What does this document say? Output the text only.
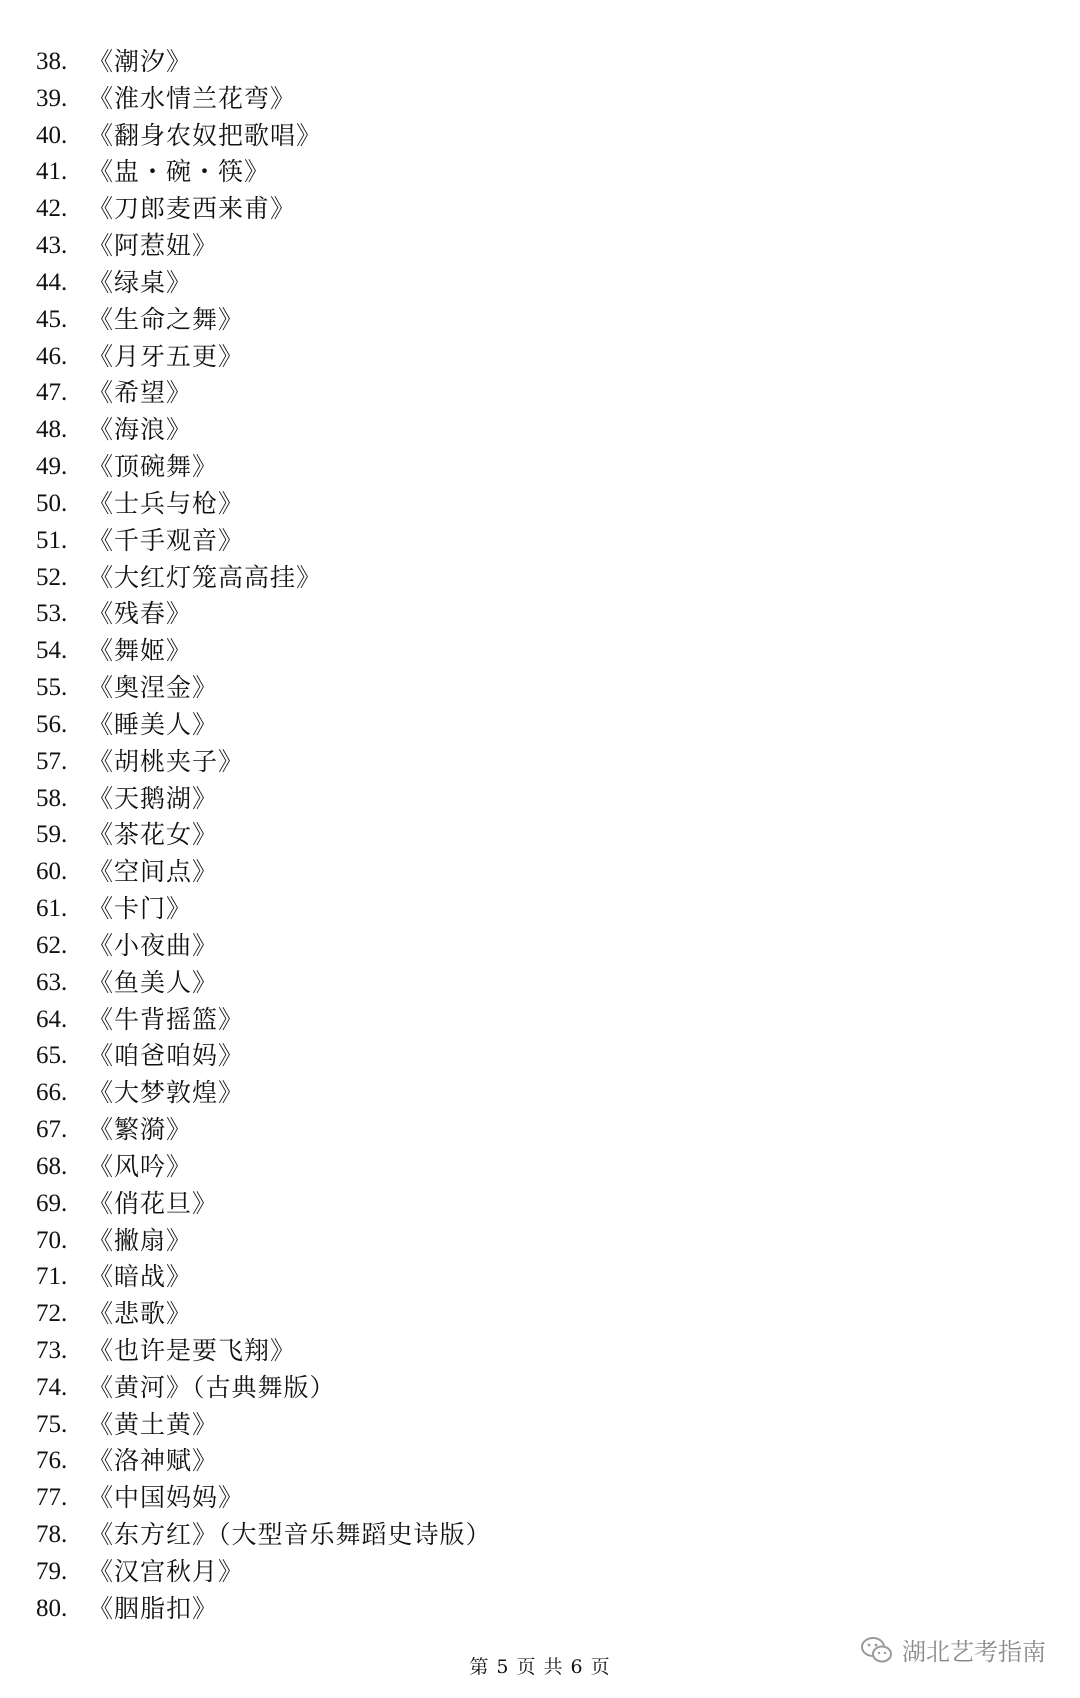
38. 《潮汐》
39. 《淮水情兰花弯》
40. 《翻身农奴把歌唱》
41. 《盅・碗・筷》
42. 《刀郎麦西来甫》
43. 《阿惹妞》
44. 《绿桌》
45. 《生命之舞》
46. 《月牙五更》
47. 《希望》
48. 《海浪》
49. 《顶碗舞》
50. 《士兵与枪》
51. 《千手观音》
52. 《大红灯笼高高挂》
53. 《残春》
54. 《舞姬》
55. 《奥涅金》
56. 《睡美人》
57. 《胡桃夹子》
58. 《天鹅湖》
59. 《茶花女》
60. 《空间点》
61. 《卡门》
62. 《小夜曲》
63. 《鱼美人》
64. 《牛背摇篮》
65. 《咱爸咱妈》
66. 《大梦敦煌》
67. 《繁漪》
68. 《风吟》
69. 《俏花旦》
70. 《撇扇》
71. 《暗战》
72. 《悲歌》
73. 《也许是要飞翔》
74. 《黄河》（古典舞版）
75. 《黄土黄》
76. 《洛神赋》
77. 《中国妈妈》
78. 《东方红》（大型音乐舞蹈史诗版）
79. 《汉宫秋月》
80. 《胭脂扣》
第 5 页 共 6 页
湖北艺考指南
